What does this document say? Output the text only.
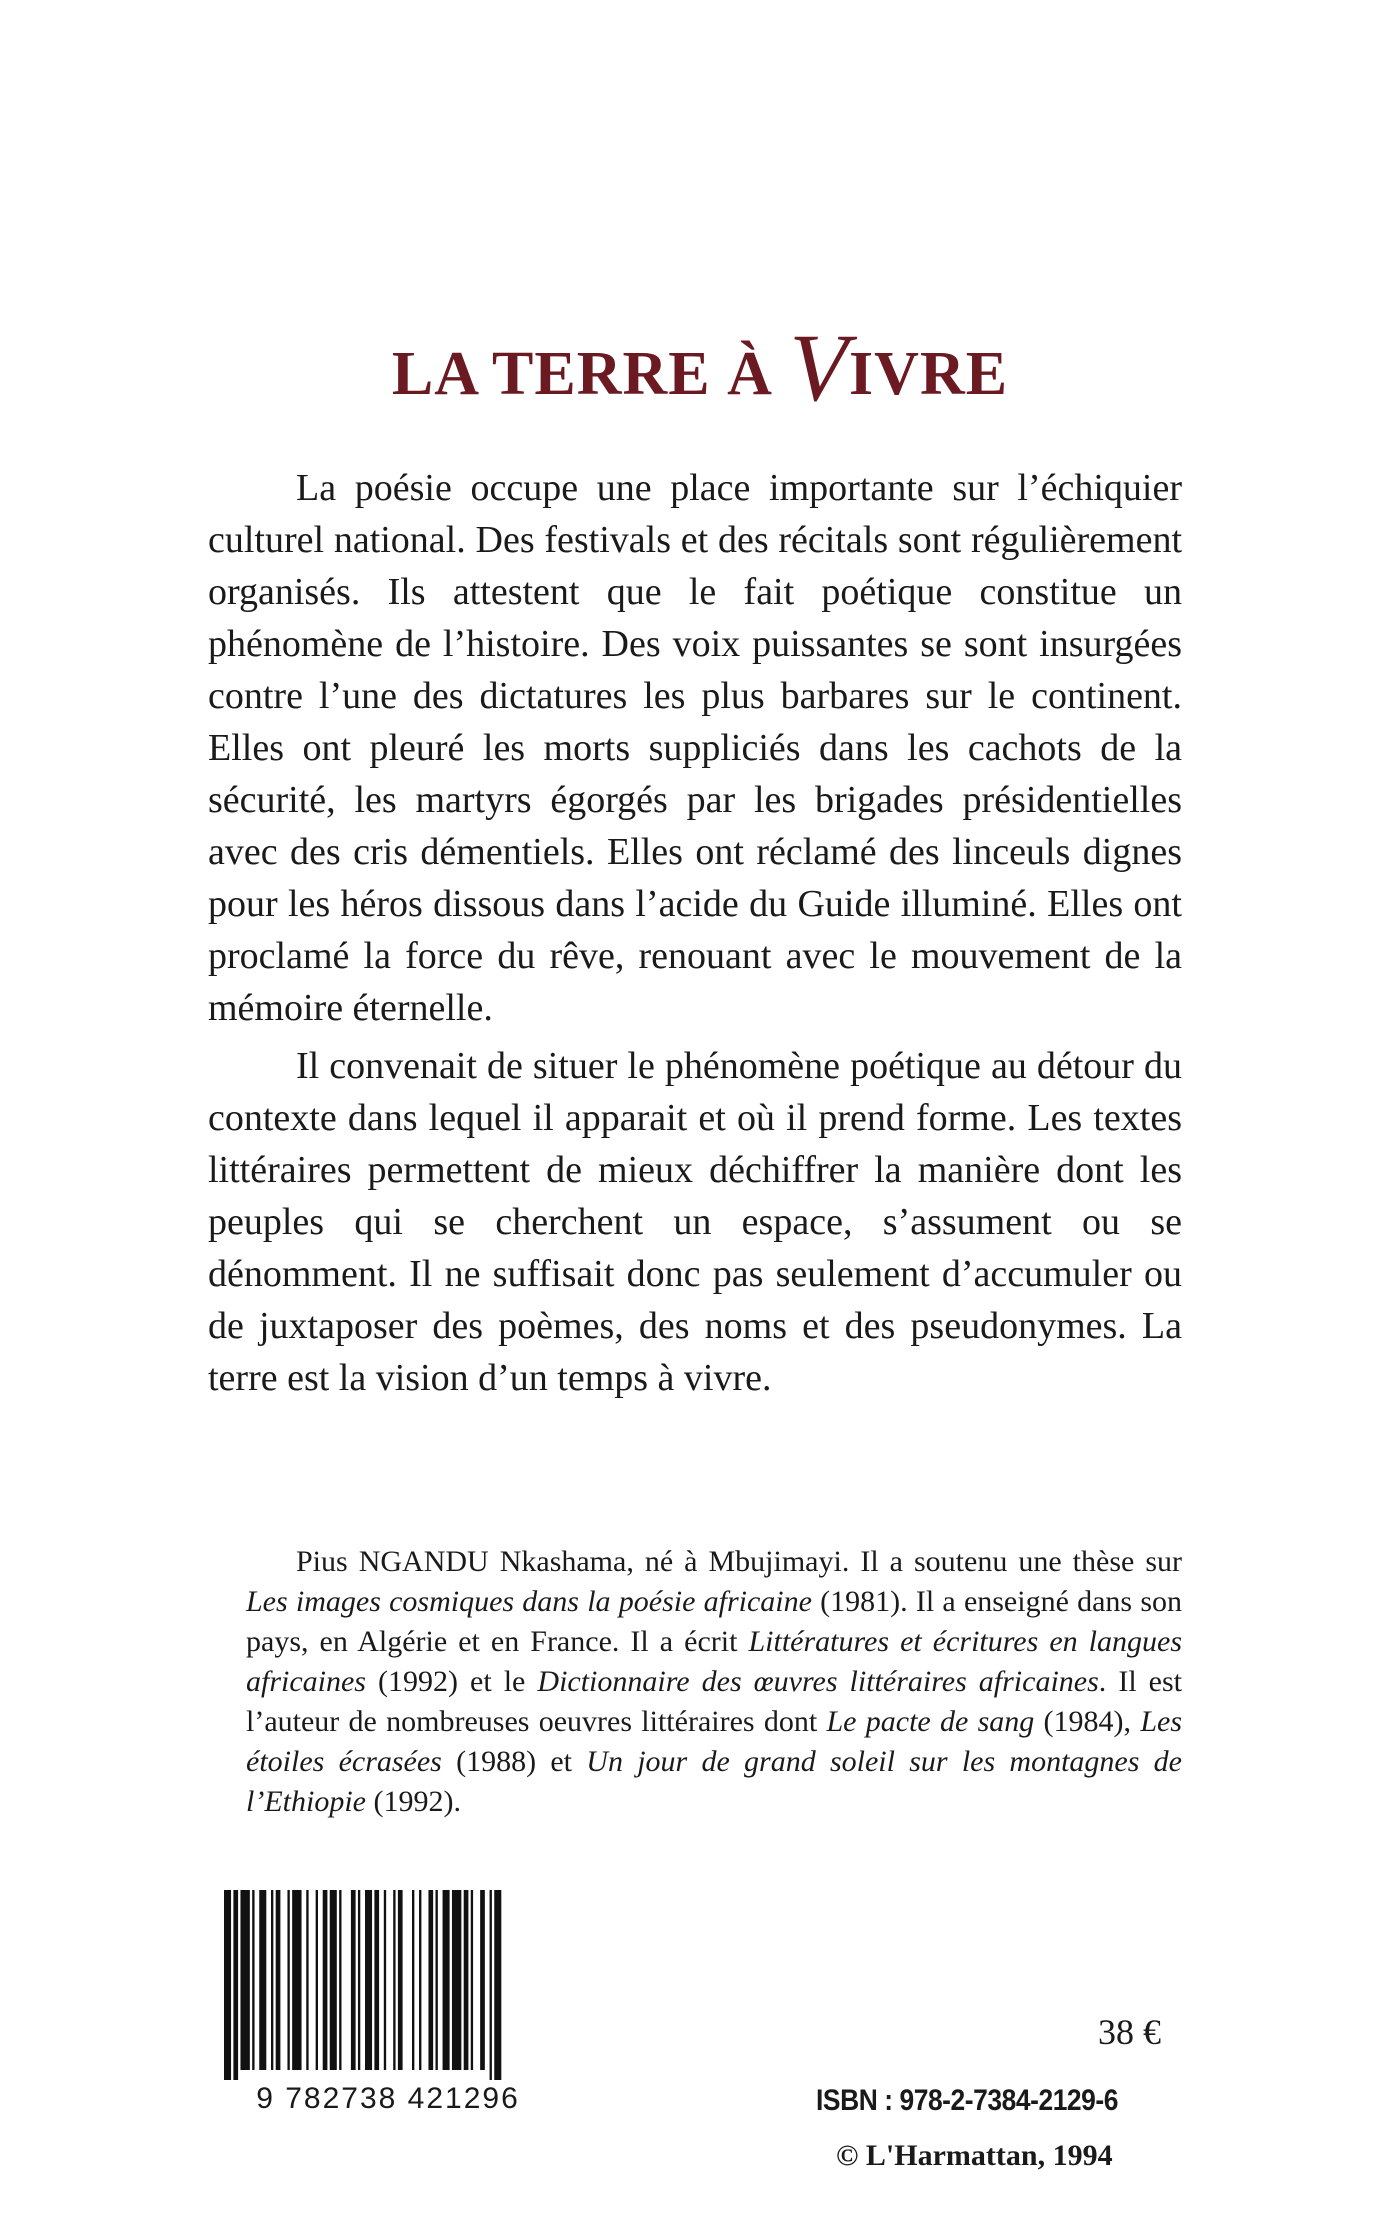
LA TERRE À VIVRE

La poésie occupe une place importante sur l’échiquier culturel national. Des festivals et des récitals sont régulièrement organisés. Ils attestent que le fait poétique constitue un phénomène de l’histoire. Des voix puissantes se sont insurgées contre l’une des dictatures les plus barbares sur le continent. Elles ont pleuré les morts suppliciés dans les cachots de la sécurité, les martyrs égorgés par les brigades présidentielles avec des cris démentiels. Elles ont réclamé des linceuls dignes pour les héros dissous dans l’acide du Guide illuminé. Elles ont proclamé la force du rêve, renouant avec le mouvement de la mémoire éternelle.

Il convenait de situer le phénomène poétique au détour du contexte dans lequel il apparait et où il prend forme. Les textes littéraires permettent de mieux déchiffrer la manière dont les peuples qui se cherchent un espace, s’assument ou se dénomment. Il ne suffisait donc pas seulement d’accumuler ou de juxtaposer des poèmes, des noms et des pseudonymes. La terre est la vision d’un temps à vivre.

Pius NGANDU Nkashama, né à Mbujimayi. Il a soutenu une thèse sur Les images cosmiques dans la poésie africaine (1981). Il a enseigné dans son pays, en Algérie et en France. Il a écrit Littératures et écritures en langues africaines (1992) et le Dictionnaire des œuvres littéraires africaines. Il est l’auteur de nombreuses oeuvres littéraires dont Le pacte de sang (1984), Les étoiles écrasées (1988) et Un jour de grand soleil sur les montagnes de l’Ethiopie (1992).

9 782738 421296
38 €
ISBN : 978-2-7384-2129-6
© L'Harmattan, 1994
